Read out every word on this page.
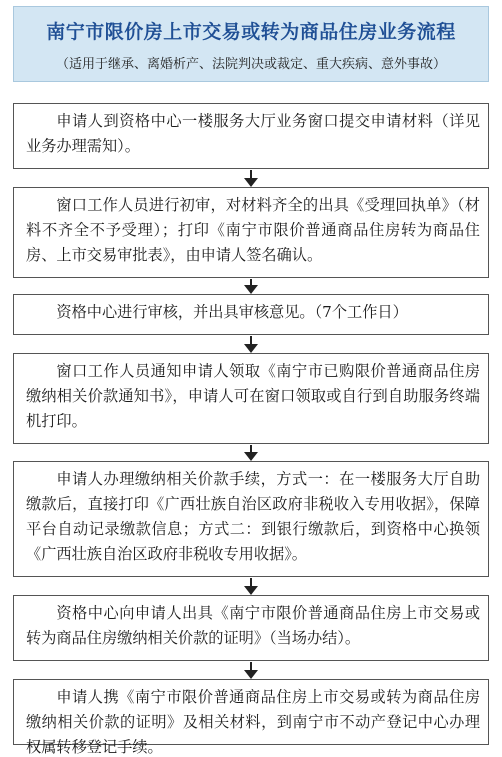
南宁市限价房上市交易或转为商品住房业务流程
（适用于继承、离婚析产、法院判决或裁定、重大疾病、意外事故）
申请人到资格中心一楼服务大厅业务窗口提交申请材料（详见业务办理需知）。
窗口工作人员进行初审，对材料齐全的出具《受理回执单》（材料不齐全不予受理）；打印《南宁市限价普通商品住房转为商品住房、上市交易审批表》，由申请人签名确认。
资格中心进行审核，并出具审核意见。（7个工作日）
窗口工作人员通知申请人领取《南宁市已购限价普通商品住房缴纳相关价款通知书》，申请人可在窗口领取或自行到自助服务终端机打印。
申请人办理缴纳相关价款手续，方式一：在一楼服务大厅自助缴款后，直接打印《广西壮族自治区政府非税收入专用收据》，保障平台自动记录缴款信息；方式二：到银行缴款后，到资格中心换领《广西壮族自治区政府非税收专用收据》。
资格中心向申请人出具《南宁市限价普通商品住房上市交易或转为商品住房缴纳相关价款的证明》（当场办结）。
申请人携《南宁市限价普通商品住房上市交易或转为商品住房缴纳相关价款的证明》及相关材料，到南宁市不动产登记中心办理权属转移登记手续。
